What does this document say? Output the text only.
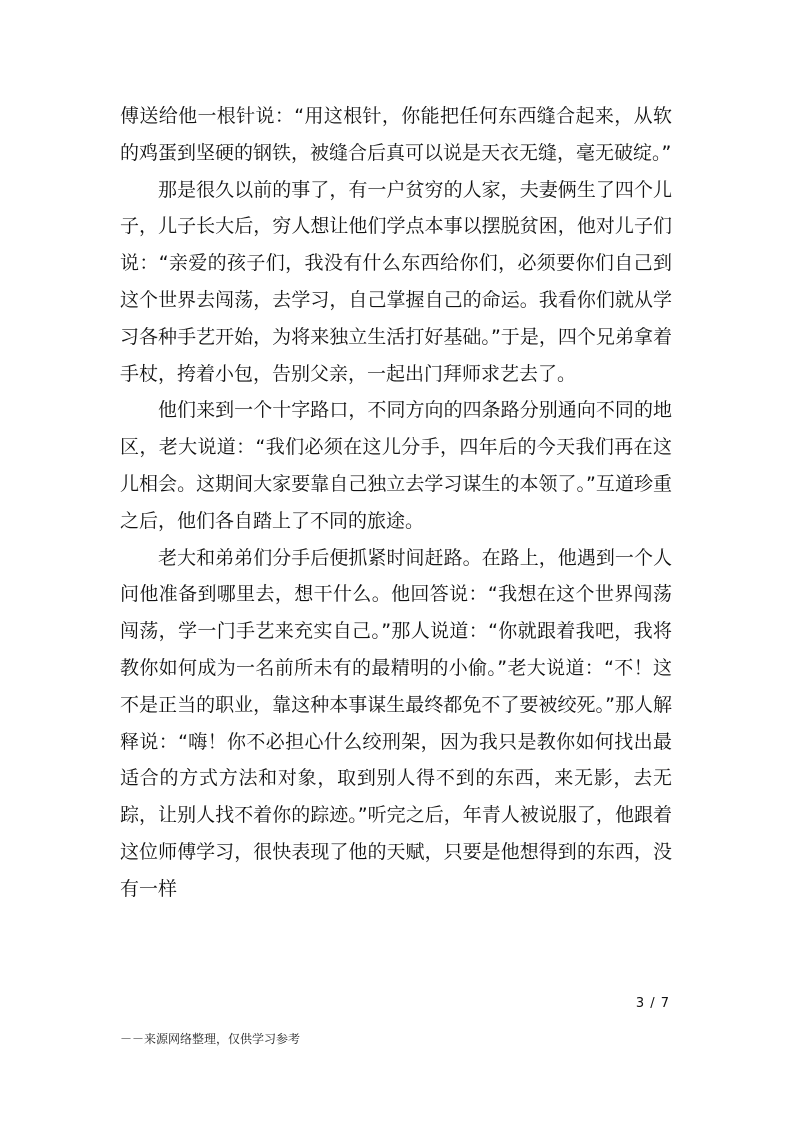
傅送给他一根针说：“用这根针，你能把任何东西缝合起来，从软的鸡蛋到坚硬的钢铁，被缝合后真可以说是天衣无缝，毫无破绽。”

那是很久以前的事了，有一户贫穷的人家，夫妻俩生了四个儿子，儿子长大后，穷人想让他们学点本事以摆脱贫困，他对儿子们说：“亲爱的孩子们，我没有什么东西给你们，必须要你们自己到这个世界去闯荡，去学习，自己掌握自己的命运。我看你们就从学习各种手艺开始，为将来独立生活打好基础。”于是，四个兄弟拿着手杖，挎着小包，告别父亲，一起出门拜师求艺去了。

他们来到一个十字路口，不同方向的四条路分别通向不同的地区，老大说道：“我们必须在这儿分手，四年后的今天我们再在这儿相会。这期间大家要靠自己独立去学习谋生的本领了。”互道珍重之后，他们各自踏上了不同的旅途。

老大和弟弟们分手后便抓紧时间赶路。在路上，他遇到一个人问他准备到哪里去，想干什么。他回答说：“我想在这个世界闯荡闯荡，学一门手艺来充实自己。”那人说道：“你就跟着我吧，我将教你如何成为一名前所未有的最精明的小偷。”老大说道：“不！这不是正当的职业，靠这种本事谋生最终都免不了要被绞死。”那人解释说：“嗨！你不必担心什么绞刑架，因为我只是教你如何找出最适合的方式方法和对象，取到别人得不到的东西，来无影，去无踪，让别人找不着你的踪迹。”听完之后，年青人被说服了，他跟着这位师傅学习，很快表现了他的天赋，只要是他想得到的东西，没有一样

3 / 7
－－来源网络整理，仅供学习参考
